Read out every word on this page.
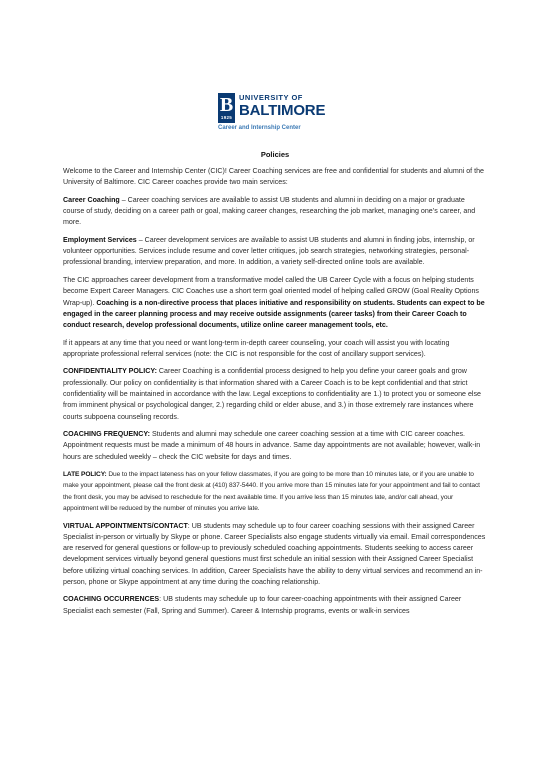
B
1925
UNIVERSITY OF
BALTIMORE
Career and Internship Center
Policies

Welcome to the Career and Internship Center (CIC)! Career Coaching services are free and confidential for students and alumni of the University of Baltimore. CIC Career coaches provide two main services:

Career Coaching – Career coaching services are available to assist UB students and alumni in deciding on a major or graduate course of study, deciding on a career path or goal, making career changes, researching the job market, managing one’s career, and more.

Employment Services – Career development services are available to assist UB students and alumni in finding jobs, internship, or volunteer opportunities. Services include resume and cover letter critiques, job search strategies, networking strategies, personal-professional branding, interview preparation, and more. In addition, a variety self-directed online tools are available.

The CIC approaches career development from a transformative model called the UB Career Cycle with a focus on helping students become Expert Career Managers. CIC Coaches use a short term goal oriented model of helping called GROW (Goal Reality Options Wrap-up). Coaching is a non-directive process that places initiative and responsibility on students. Students can expect to be engaged in the career planning process and may receive outside assignments (career tasks) from their Career Coach to conduct research, develop professional documents, utilize online career management tools, etc.

If it appears at any time that you need or want long-term in-depth career counseling, your coach will assist you with locating appropriate professional referral services (note: the CIC is not responsible for the cost of ancillary support services).

CONFIDENTIALITY POLICY: Career Coaching is a confidential process designed to help you define your career goals and grow professionally. Our policy on confidentiality is that information shared with a Career Coach is to be kept confidential and that strict confidentiality will be maintained in accordance with the law. Legal exceptions to confidentiality are 1.) to protect you or someone else from imminent physical or psychological danger, 2.) regarding child or elder abuse, and 3.) in those extremely rare instances where courts subpoena counseling records.

COACHING FREQUENCY: Students and alumni may schedule one career coaching session at a time with CIC career coaches. Appointment requests must be made a minimum of 48 hours in advance. Same day appointments are not available; however, walk-in hours are scheduled weekly – check the CIC website for days and times.

LATE POLICY: Due to the impact lateness has on your fellow classmates, if you are going to be more than 10 minutes late, or if you are unable to make your appointment, please call the front desk at (410) 837-5440. If you arrive more than 15 minutes late for your appointment and fail to contact the front desk, you may be advised to reschedule for the next available time. If you arrive less than 15 minutes late, and/or call ahead, your appointment will be reduced by the number of minutes you arrive late.

VIRTUAL APPOINTMENTS/CONTACT: UB students may schedule up to four career coaching sessions with their assigned Career Specialist in-person or virtually by Skype or phone. Career Specialists also engage students virtually via email. Email correspondences are reserved for general questions or follow-up to previously scheduled coaching appointments. Students seeking to access career development services virtually beyond general questions must first schedule an initial session with their Assigned Career Specialist before utilizing virtual coaching services. In addition, Career Specialists have the ability to deny virtual services and recommend an in-person, phone or Skype appointment at any time during the coaching relationship.

COACHING OCCURRENCES: UB students may schedule up to four career-coaching appointments with their assigned Career Specialist each semester (Fall, Spring and Summer). Career & Internship programs, events or walk-in services
